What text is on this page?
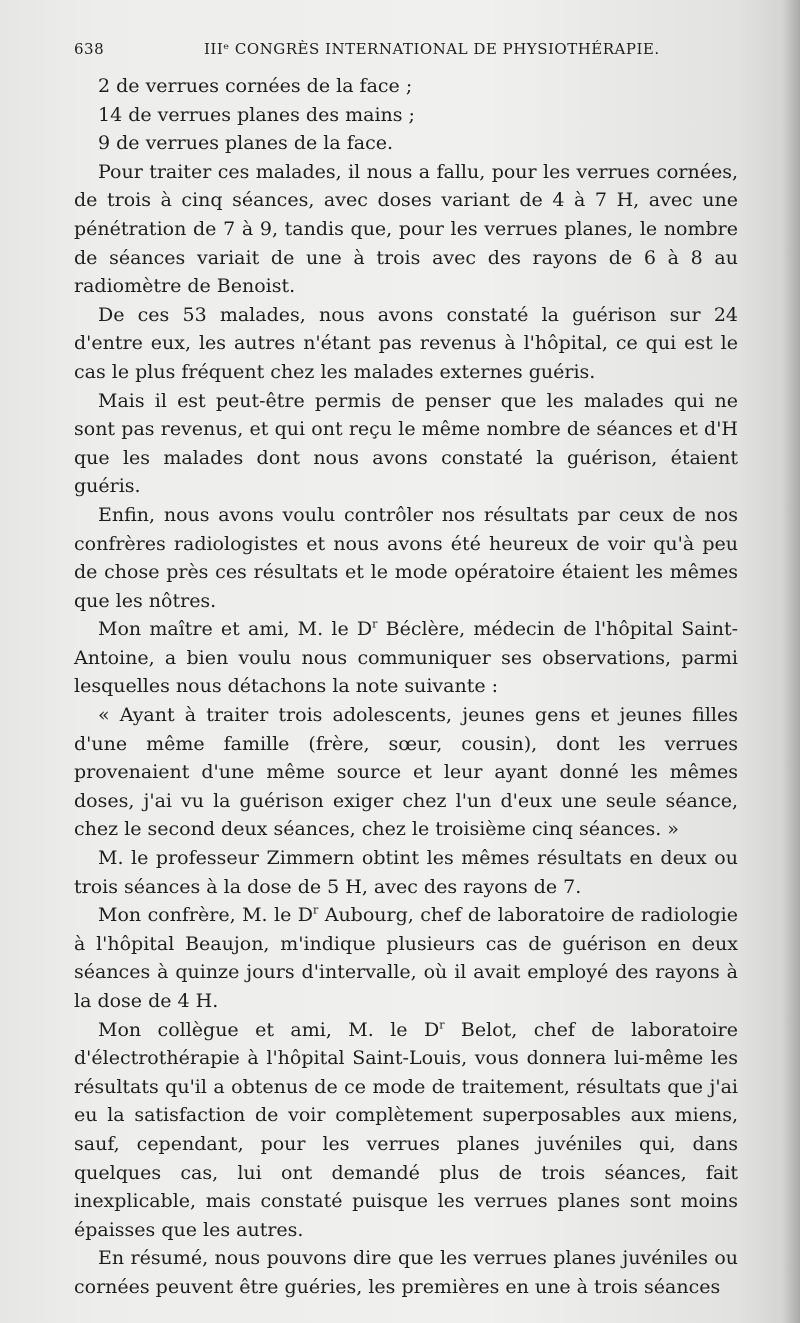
638	IIIᵉ CONGRÈS INTERNATIONAL DE PHYSIOTHÉRAPIE.

2 de verrues cornées de la face ;

14 de verrues planes des mains ;

9 de verrues planes de la face.

Pour traiter ces malades, il nous a fallu, pour les verrues cornées, de trois à cinq séances, avec doses variant de 4 à 7 H, avec une pénétration de 7 à 9, tandis que, pour les verrues planes, le nombre de séances variait de une à trois avec des rayons de 6 à 8 au radiomètre de Benoist.

De ces 53 malades, nous avons constaté la guérison sur 24 d'entre eux, les autres n'étant pas revenus à l'hôpital, ce qui est le cas le plus fréquent chez les malades externes guéris.

Mais il est peut-être permis de penser que les malades qui ne sont pas revenus, et qui ont reçu le même nombre de séances et d'H que les malades dont nous avons constaté la guérison, étaient guéris.

Enfin, nous avons voulu contrôler nos résultats par ceux de nos confrères radiologistes et nous avons été heureux de voir qu'à peu de chose près ces résultats et le mode opératoire étaient les mêmes que les nôtres.

Mon maître et ami, M. le $D^r$ Béclère, médecin de l'hôpital Saint-Antoine, a bien voulu nous communiquer ses observations, parmi lesquelles nous détachons la note suivante :

« Ayant à traiter trois adolescents, jeunes gens et jeunes filles d'une même famille (frère, sœur, cousin), dont les verrues provenaient d'une même source et leur ayant donné les mêmes doses, j'ai vu la guérison exiger chez l'un d'eux une seule séance, chez le second deux séances, chez le troisième cinq séances. »

M. le professeur Zimmern obtint les mêmes résultats en deux ou trois séances à la dose de 5 H, avec des rayons de 7.

Mon confrère, M. le $D^r$ Aubourg, chef de laboratoire de radiologie à l'hôpital Beaujon, m'indique plusieurs cas de guérison en deux séances à quinze jours d'intervalle, où il avait employé des rayons à la dose de 4 H.

Mon collègue et ami, M. le $D^r$ Belot, chef de laboratoire d'électrothérapie à l'hôpital Saint-Louis, vous donnera lui-même les résultats qu'il a obtenus de ce mode de traitement, résultats que j'ai eu la satisfaction de voir complètement superposables aux miens, sauf, cependant, pour les verrues planes juvéniles qui, dans quelques cas, lui ont demandé plus de trois séances, fait inexplicable, mais constaté puisque les verrues planes sont moins épaisses que les autres.

En résumé, nous pouvons dire que les verrues planes juvéniles ou cornées peuvent être guéries, les premières en une à trois séances
